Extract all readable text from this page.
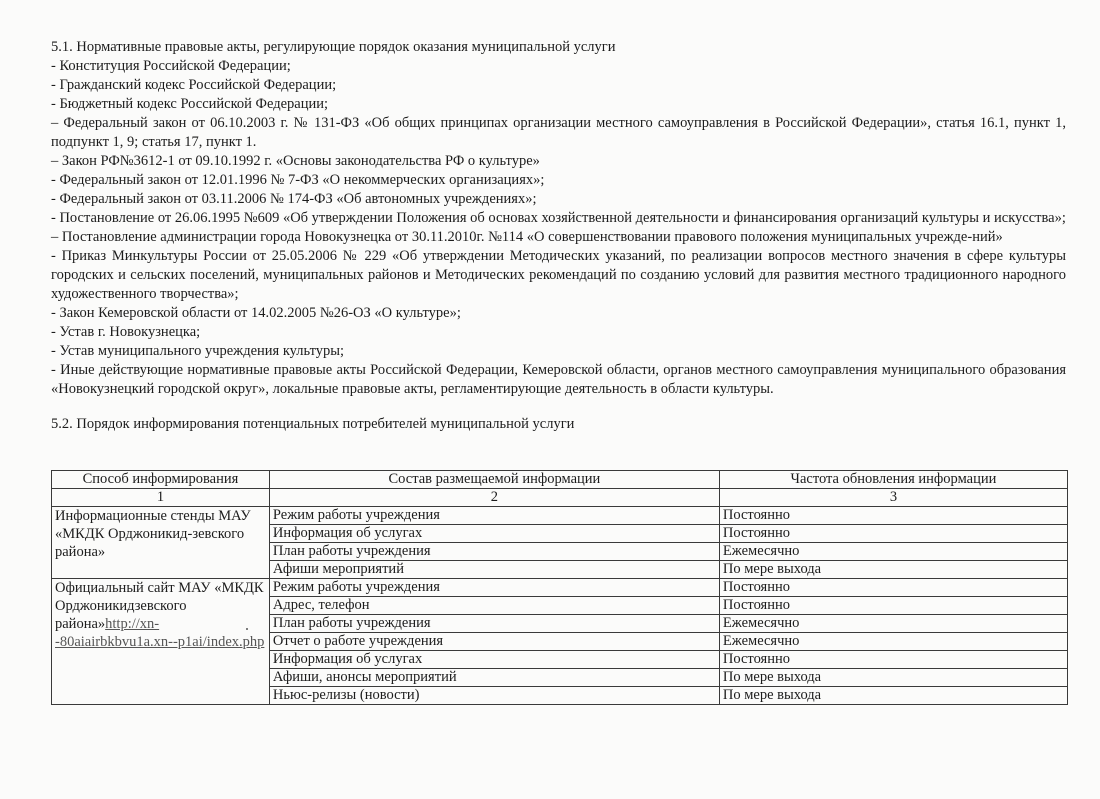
5.1. Нормативные правовые акты, регулирующие порядок оказания муниципальной услуги

- Конституция Российской Федерации;

- Гражданский кодекс Российской Федерации;

- Бюджетный кодекс Российской Федерации;

– Федеральный закон от 06.10.2003 г. № 131-ФЗ «Об общих принципах организации местного самоуправления в Российской Федерации», статья 16.1, пункт 1, подпункт 1, 9; статья 17, пункт 1.

– Закон РФ№3612-1 от 09.10.1992 г. «Основы законодательства РФ о культуре»

- Федеральный закон от 12.01.1996 № 7-ФЗ «О некоммерческих организациях»;

- Федеральный закон от 03.11.2006 № 174-ФЗ «Об автономных учреждениях»;

- Постановление от 26.06.1995 №609 «Об утверждении Положения об основах хозяйственной деятельности и финансирования организаций культуры и искусства»;

– Постановление администрации города Новокузнецка от 30.11.2010г. №114 «О совершенствовании правового положения муниципальных учрежде-ний»

- Приказ Минкультуры России от 25.05.2006 № 229 «Об утверждении Методических указаний, по реализации вопросов местного значения в сфере культуры городских и сельских поселений, муниципальных районов и Методических рекомендаций по созданию условий для развития местного традиционного народного художественного творчества»;

- Закон Кемеровской области от 14.02.2005 №26-ОЗ «О культуре»;

- Устав г. Новокузнецка;

- Устав муниципального учреждения культуры;

- Иные действующие нормативные правовые акты Российской Федерации, Кемеровской области, органов местного самоуправления муниципального образования «Новокузнецкий городской округ», локальные правовые акты, регламентирующие деятельность в области культуры.

5.2. Порядок информирования потенциальных потребителей муниципальной услуги

Способ информирования	Состав размещаемой информации	Частота обновления информации
1	2	3
Информационные стенды МАУ «МКДК Орджоникид-зевского района»	Режим работы учреждения	Постоянно
	Информация об услугах	Постоянно
	План работы учреждения	Ежемесячно
	Афиши мероприятий	По мере выхода
Официальный сайт МАУ «МКДК Орджоникидзевского района»http://xn--80aiairbkbvu1a.xn--p1ai/index.php	Режим работы учреждения	Постоянно
	Адрес, телефон	Постоянно
	План работы учреждения	Ежемесячно
	Отчет о работе учреждения	Ежемесячно
	Информация об услугах	Постоянно
	Афиши, анонсы мероприятий	По мере выхода
	Ньюс-релизы (новости)	По мере выхода
